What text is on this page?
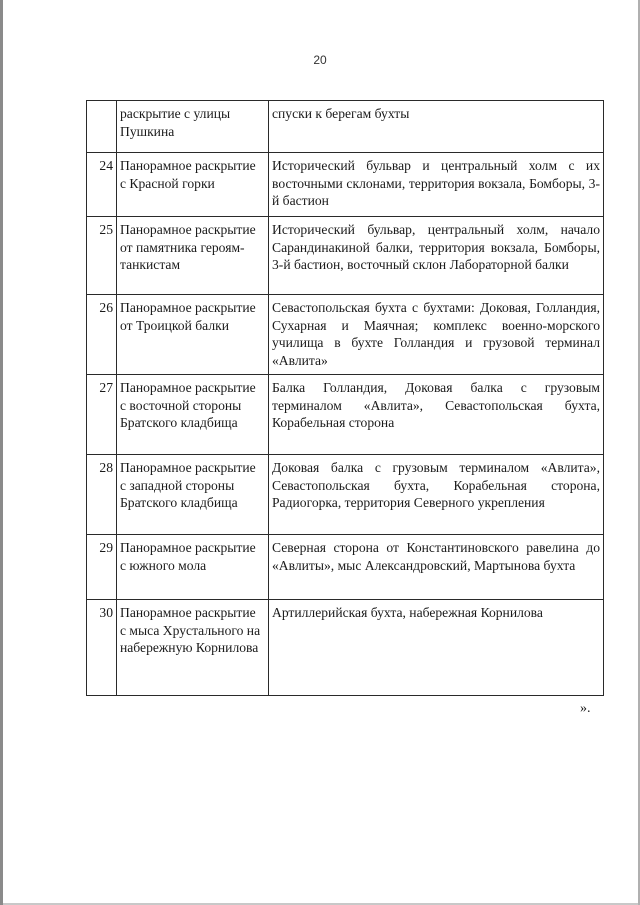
20
	раскрытие с улицы Пушкина	спуски к берегам бухты
24	Панорамное раскрытие с Красной горки	Исторический бульвар и центральный холм с их восточными склонами, территория вокзала, Бомборы, 3-й бастион
25	Панорамное раскрытие от памятника героям-танкистам	Исторический бульвар, центральный холм, начало Сарандинакиной балки, территория вокзала, Бомборы, 3-й бастион, восточный склон Лабораторной балки
26	Панорамное раскрытие от Троицкой балки	Севастопольская бухта с бухтами: Доковая, Голландия, Сухарная и Маячная; комплекс военно-морского училища в бухте Голландия и грузовой терминал «Авлита»
27	Панорамное раскрытие с восточной стороны Братского кладбища	Балка Голландия, Доковая балка с грузовым терминалом «Авлита», Севастопольская бухта, Корабельная сторона
28	Панорамное раскрытие с западной стороны Братского кладбища	Доковая балка с грузовым терминалом «Авлита», Севастопольская бухта, Корабельная сторона, Радиогорка, территория Северного укрепления
29	Панорамное раскрытие с южного мола	Северная сторона от Константиновского равелина до «Авлиты», мыс Александровский, Мартынова бухта
30	Панорамное раскрытие с мыса Хрустального на набережную Корнилова	Артиллерийская бухта, набережная Корнилова
».
